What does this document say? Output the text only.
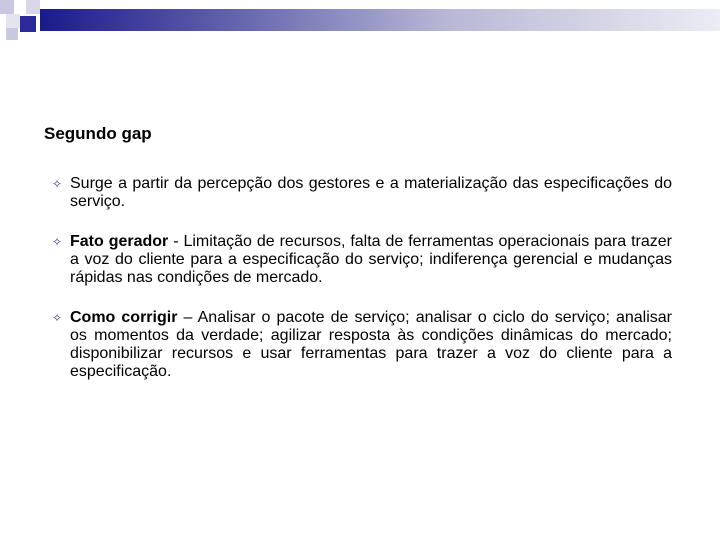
Segundo gap
✧ Surge a partir da percepção dos gestores e a materialização das especificações do serviço.
✧ Fato gerador - Limitação de recursos, falta de ferramentas operacionais para trazer a voz do cliente para a especificação do serviço; indiferença gerencial e mudanças rápidas nas condições de mercado.
✧ Como corrigir – Analisar o pacote de serviço; analisar o ciclo do serviço; analisar os momentos da verdade; agilizar resposta às condições dinâmicas do mercado; disponibilizar recursos e usar ferramentas para trazer a voz do cliente para a especificação.
